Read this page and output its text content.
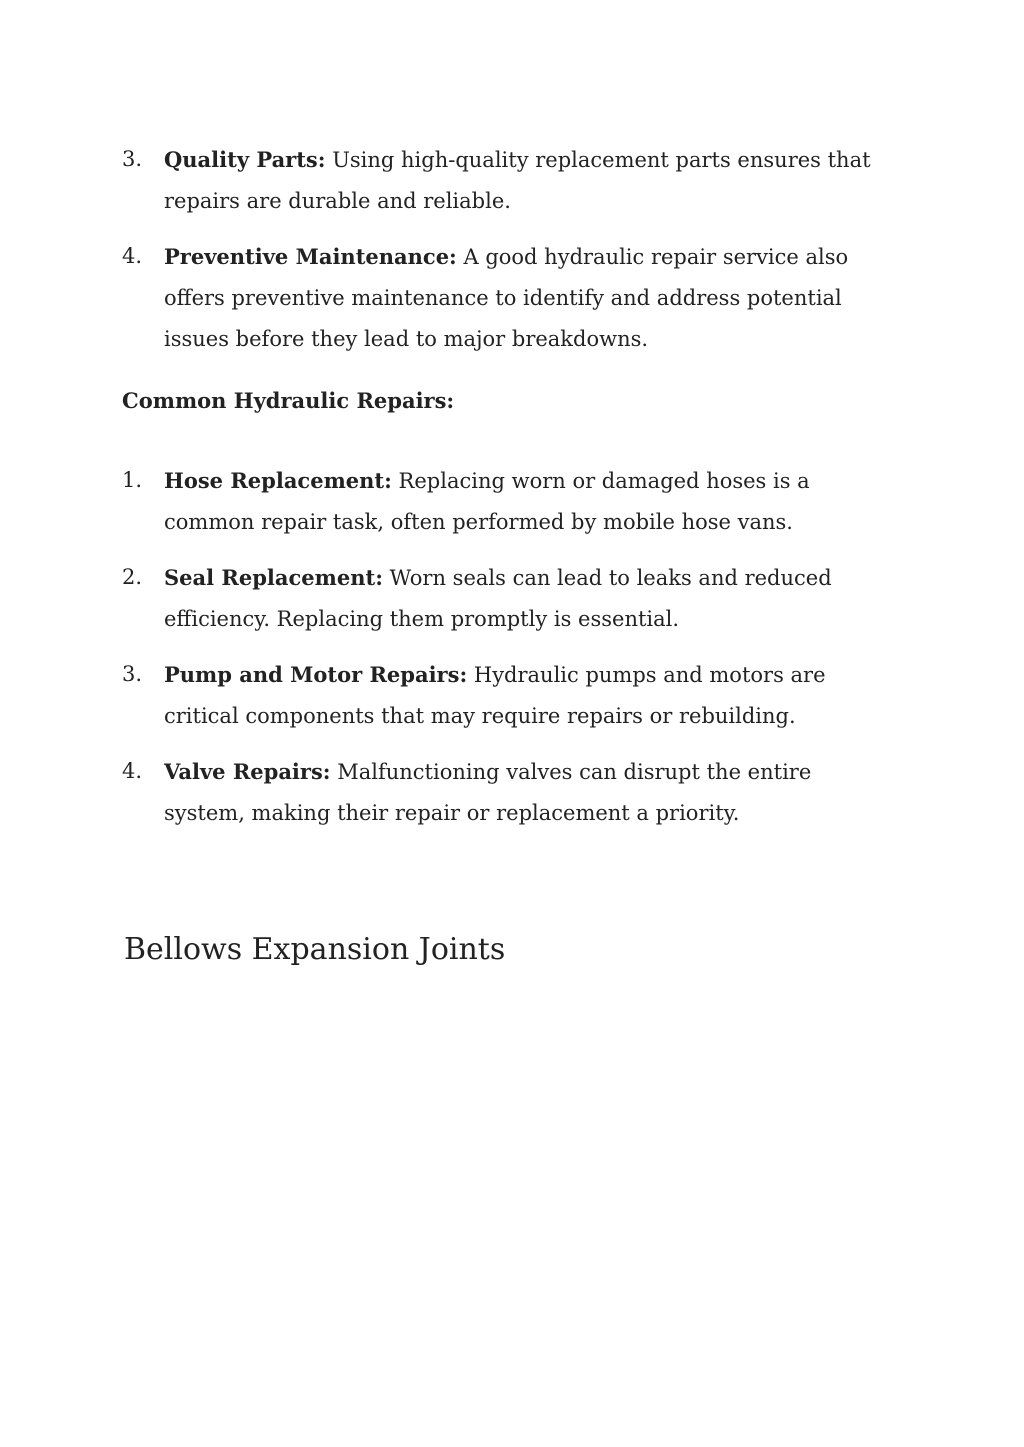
3.	Quality Parts: Using high-quality replacement parts ensures that repairs are durable and reliable.
4.	Preventive Maintenance: A good hydraulic repair service also offers preventive maintenance to identify and address potential issues before they lead to major breakdowns.
Common Hydraulic Repairs:
1.	Hose Replacement: Replacing worn or damaged hoses is a common repair task, often performed by mobile hose vans.
2.	Seal Replacement: Worn seals can lead to leaks and reduced efficiency. Replacing them promptly is essential.
3.	Pump and Motor Repairs: Hydraulic pumps and motors are critical components that may require repairs or rebuilding.
4.	Valve Repairs: Malfunctioning valves can disrupt the entire system, making their repair or replacement a priority.
Bellows Expansion Joints
